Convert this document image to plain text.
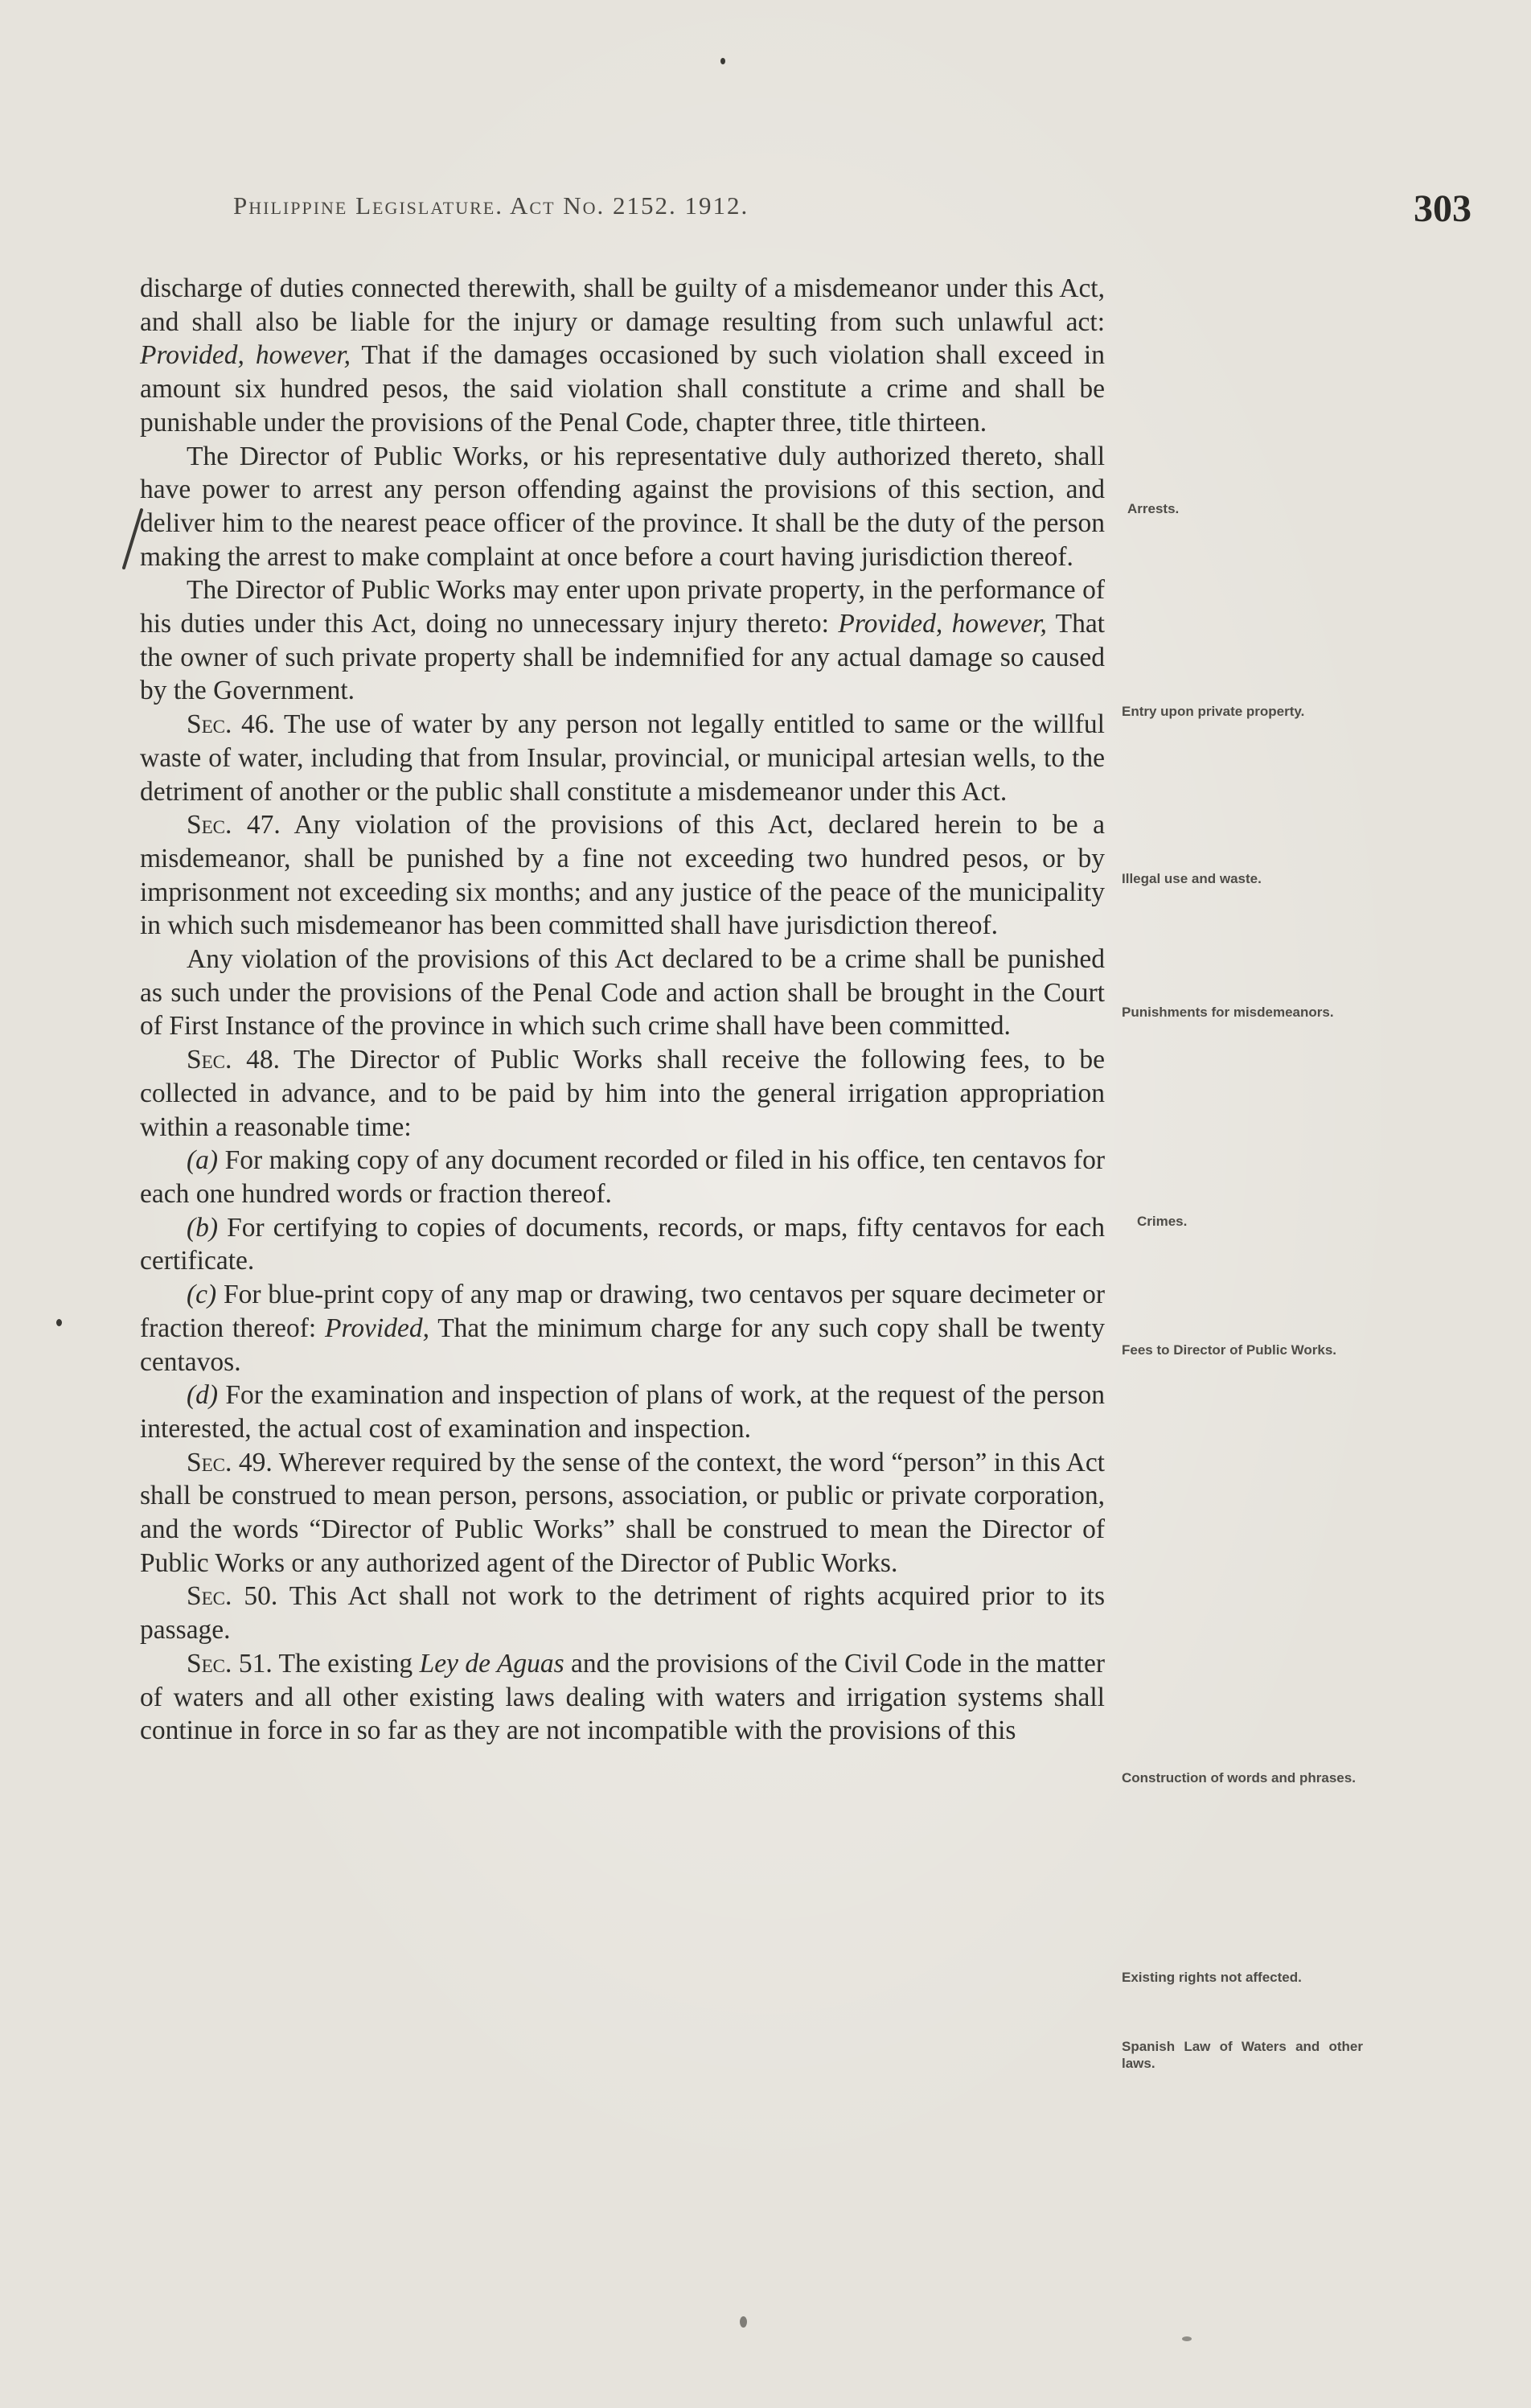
Philippine Legislature. Act No. 2152. 1912.	303

discharge of duties connected therewith, shall be guilty of a misdemeanor under this Act, and shall also be liable for the injury or damage resulting from such unlawful act: Provided, however, That if the damages occasioned by such violation shall exceed in amount six hundred pesos, the said violation shall constitute a crime and shall be punishable under the provisions of the Penal Code, chapter three, title thirteen.

The Director of Public Works, or his representative duly authorized thereto, shall have power to arrest any person offending against the provisions of this section, and deliver him to the nearest peace officer of the province. It shall be the duty of the person making the arrest to make complaint at once before a court having jurisdiction thereof.

The Director of Public Works may enter upon private property, in the performance of his duties under this Act, doing no unnecessary injury thereto: Provided, however, That the owner of such private property shall be indemnified for any actual damage so caused by the Government.

Sec. 46. The use of water by any person not legally entitled to same or the willful waste of water, including that from Insular, provincial, or municipal artesian wells, to the detriment of another or the public shall constitute a misdemeanor under this Act.

Sec. 47. Any violation of the provisions of this Act, declared herein to be a misdemeanor, shall be punished by a fine not exceeding two hundred pesos, or by imprisonment not exceeding six months; and any justice of the peace of the municipality in which such misdemeanor has been committed shall have jurisdiction thereof.

Any violation of the provisions of this Act declared to be a crime shall be punished as such under the provisions of the Penal Code and action shall be brought in the Court of First Instance of the province in which such crime shall have been committed.

Sec. 48. The Director of Public Works shall receive the following fees, to be collected in advance, and to be paid by him into the general irrigation appropriation within a reasonable time:

(a) For making copy of any document recorded or filed in his office, ten centavos for each one hundred words or fraction thereof.

(b) For certifying to copies of documents, records, or maps, fifty centavos for each certificate.

(c) For blue-print copy of any map or drawing, two centavos per square decimeter or fraction thereof: Provided, That the minimum charge for any such copy shall be twenty centavos.

(d) For the examination and inspection of plans of work, at the request of the person interested, the actual cost of examination and inspection.

Sec. 49. Wherever required by the sense of the context, the word “person” in this Act shall be construed to mean person, persons, association, or public or private corporation, and the words “Director of Public Works” shall be construed to mean the Director of Public Works or any authorized agent of the Director of Public Works.

Sec. 50. This Act shall not work to the detriment of rights acquired prior to its passage.

Sec. 51. The existing Ley de Aguas and the provisions of the Civil Code in the matter of waters and all other existing laws dealing with waters and irrigation systems shall continue in force in so far as they are not incompatible with the provisions of this

Arrests.
Entry upon private property.
Illegal use and waste.
Punishments for misdemeanors.
Crimes.
Fees to Director of Public Works.
Construction of words and phrases.
Existing rights not affected.
Spanish Law of Waters and other laws.
